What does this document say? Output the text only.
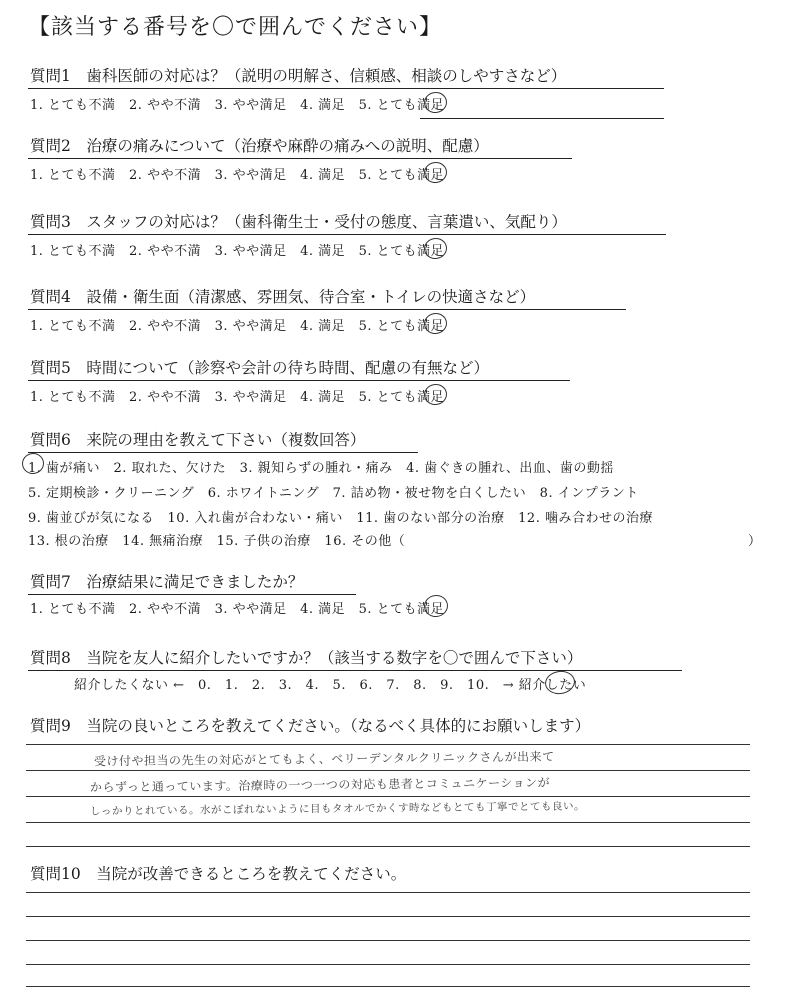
【該当する番号を〇で囲んでください】
質問1　歯科医師の対応は？（説明の明解さ、信頼感、相談のしやすさなど）
1. とても不満　2. やや不満　3. やや満足　4. 満足　5. とても満足
質問2　治療の痛みについて（治療や麻酔の痛みへの説明、配慮）
1. とても不満　2. やや不満　3. やや満足　4. 満足　5. とても満足
質問3　スタッフの対応は？（歯科衛生士・受付の態度、言葉遣い、気配り）
1. とても不満　2. やや不満　3. やや満足　4. 満足　5. とても満足
質問4　設備・衛生面（清潔感、雰囲気、待合室・トイレの快適さなど）
1. とても不満　2. やや不満　3. やや満足　4. 満足　5. とても満足
質問5　時間について（診察や会計の待ち時間、配慮の有無など）
1. とても不満　2. やや不満　3. やや満足　4. 満足　5. とても満足
質問6　来院の理由を教えて下さい（複数回答）
1. 歯が痛い　2. 取れた、欠けた　3. 親知らずの腫れ・痛み　4. 歯ぐきの腫れ、出血、歯の動揺
5. 定期検診・クリーニング　6. ホワイトニング　7. 詰め物・被せ物を白くしたい　8. インプラント
9. 歯並びが気になる　10. 入れ歯が合わない・痛い　11. 歯のない部分の治療　12. 噛み合わせの治療
13. 根の治療　14. 無痛治療　15. 子供の治療　16. その他（	）
質問7　治療結果に満足できましたか？
1. とても不満　2. やや不満　3. やや満足　4. 満足　5. とても満足
質問8　当院を友人に紹介したいですか？（該当する数字を〇で囲んで下さい）
紹介したくない ←　0.　1.　2.　3.　4.　5.　6.　7.　8.　9.　10.　→ 紹介したい
質問9　当院の良いところを教えてください。（なるべく具体的にお願いします）
受け付や担当の先生の対応がとてもよく、ベリーデンタルクリニックさんが出来て
からずっと通っています。治療時の一つ一つの対応も患者とコミュニケーションが
しっかりとれている。水がこぼれないように目もタオルでかくす時などもとても丁寧でとても良い。
質問10　当院が改善できるところを教えてください。
